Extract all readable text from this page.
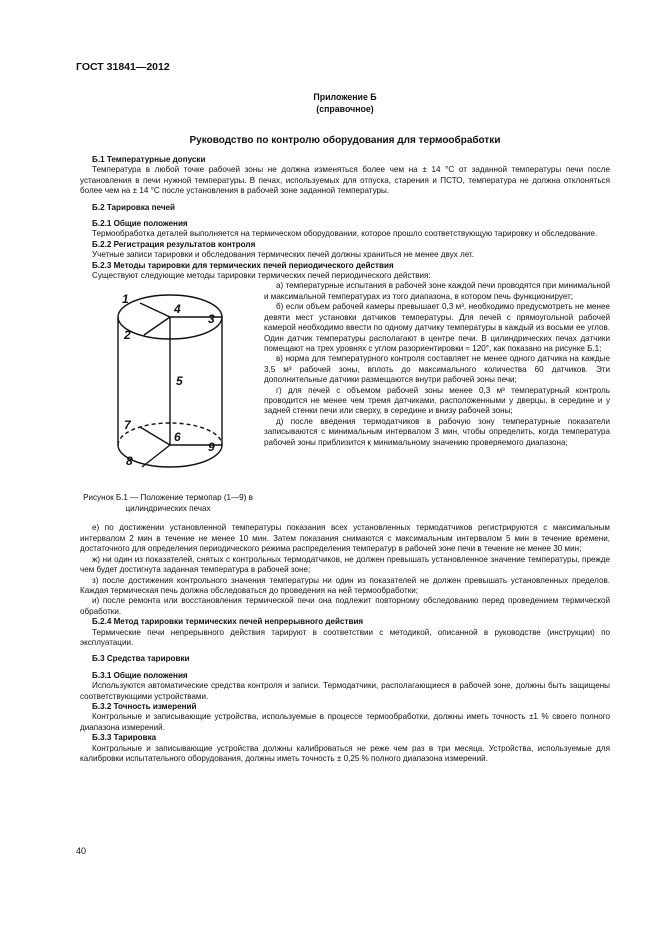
ГОСТ 31841—2012
Приложение Б
(справочное)
Руководство по контролю оборудования для термообработки

Б.1 Температурные допуски

Температура в любой точке рабочей зоны не должна изменяться более чем на ± 14 °С от заданной температуры печи после установления в печи нужной температуры. В печах, используемых для отпуска, старения и ПСТО, температура не должна отклоняться более чем на ± 14 °С после установления в рабочей зоне заданной температуры.

Б.2 Тарировка печей

Б.2.1 Общие положения

Термообработка деталей выполняется на термическом оборудовании, которое прошло соответствующую тарировку и обследование.

Б.2.2 Регистрация результатов контроля

Учетные записи тарировки и обследования термических печей должны храниться не менее двух лет.

Б.2.3 Методы тарировки для термических печей периодического действия

Существуют следующие методы тарировки термических печей периодического действия:

1
2
3
4
5
6
7
8
9
Рисунок Б.1 — Положение термопар (1—9) в цилиндрических печах

а) температурные испытания в рабочей зоне каждой печи проводятся при минимальной и максимальной температурах из того диапазона, в котором печь функционирует;

б) если объем рабочей камеры превышает 0,3 м³, необходимо предусмотреть не менее девяти мест установки датчиков температуры. Для печей с прямоугольной рабочей камерой необходимо ввести по одному датчику температуры в каждый из восьми ее углов. Один датчик температуры располагают в центре печи. В цилиндрических печах датчики помещают на трех уровнях с углом разориентировки ≈ 120°, как показано на рисунке Б.1;

в) норма для температурного контроля составляет не менее одного датчика на каждые 3,5 м³ рабочей зоны, вплоть до максимального количества 60 датчиков. Эти дополнительные датчики размещаются внутри рабочей зоны печи;

г) для печей с объемом рабочей зоны менее 0,3 м³ температурный контроль проводится не менее чем тремя датчиками, расположенными у дверцы, в середине и у задней стенки печи или сверху, в середине и внизу рабочей зоны;

д) после введения термодатчиков в рабочую зону температурные показатели записываются с минимальным интервалом 3 мин, чтобы определить, когда температура рабочей зоны приблизится к минимальному значению проверяемого диапазона;

е) по достижении установленной температуры показания всех установленных термодатчиков регистрируются с максимальным интервалом 2 мин в течение не менее 10 мин. Затем показания снимаются с максимальным интервалом 5 мин в течение времени, достаточного для определения периодического режима распределения температур в рабочей зоне печи в течение не менее 30 мин;

ж) ни один из показателей, снятых с контрольных термодатчиков, не должен превышать установленное значение температуры, прежде чем будет достигнута заданная температура в рабочей зоне;

з) после достижения контрольного значения температуры ни один из показателей не должен превышать установленных пределов. Каждая термическая печь должна обследоваться до проведения на ней термообработки;

и) после ремонта или восстановления термической печи она подлежит повторному обследованию перед проведением термической обработки.

Б.2.4 Метод тарировки термических печей непрерывного действия

Термические печи непрерывного действия тарируют в соответствии с методикой, описанной в руководстве (инструкции) по эксплуатации.

Б.3 Средства тарировки

Б.3.1 Общие положения

Используются автоматические средства контроля и записи. Термодатчики, располагающиеся в рабочей зоне, должны быть защищены соответствующими устройствами.

Б.3.2 Точность измерений

Контрольные и записывающие устройства, используемые в процессе термообработки, должны иметь точность ±1 % своего полного диапазона измерений.

Б.3.3 Тарировка

Контрольные и записывающие устройства должны калиброваться не реже чем раз в три месяца. Устройства, используемые для калибровки испытательного оборудования, должны иметь точность ± 0,25 % полного диапазона измерений.

40
